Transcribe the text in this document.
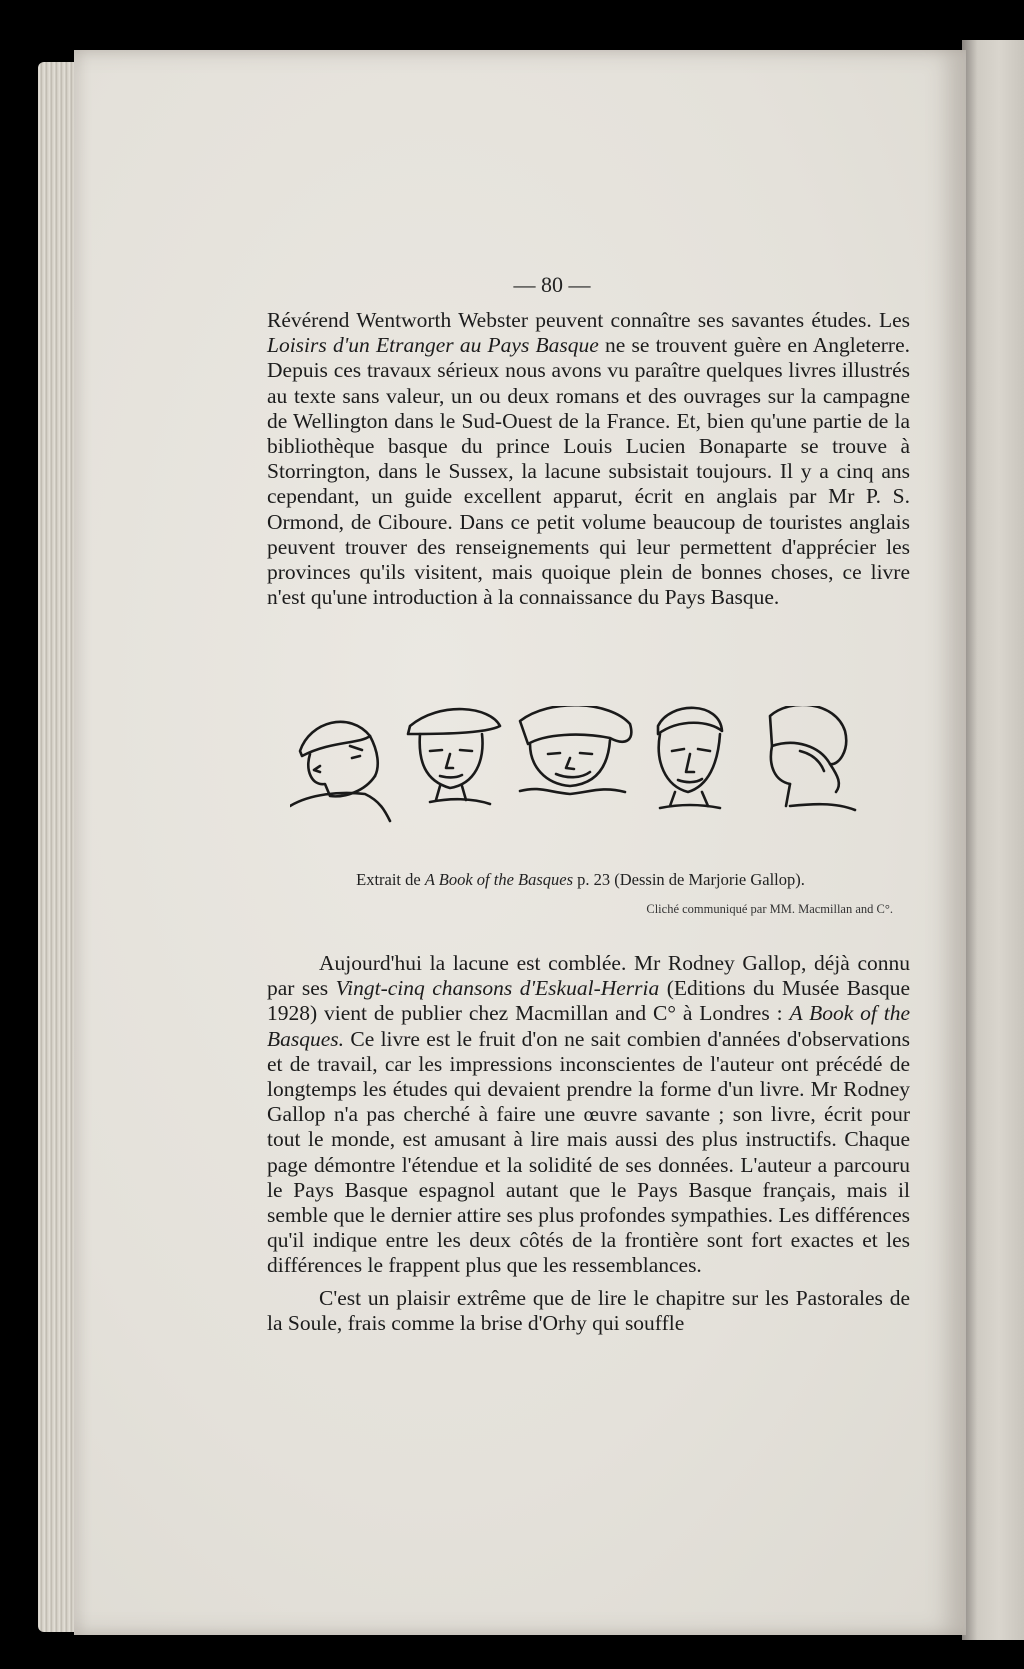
— 80 —

Révérend Wentworth Webster peuvent connaître ses savantes études. Les Loisirs d'un Etranger au Pays Basque ne se trouvent guère en Angleterre. Depuis ces travaux sérieux nous avons vu paraître quelques livres illustrés au texte sans valeur, un ou deux romans et des ouvrages sur la campagne de Wellington dans le Sud-Ouest de la France. Et, bien qu'une partie de la bibliothèque basque du prince Louis Lucien Bonaparte se trouve à Storrington, dans le Sussex, la lacune subsistait toujours. Il y a cinq ans cependant, un guide excellent apparut, écrit en anglais par Mr P. S. Ormond, de Ciboure. Dans ce petit volume beaucoup de touristes anglais peuvent trouver des renseignements qui leur permettent d'apprécier les provinces qu'ils visitent, mais quoique plein de bonnes choses, ce livre n'est qu'une introduction à la connaissance du Pays Basque.

Extrait de A Book of the Basques p. 23 (Dessin de Marjorie Gallop).
Cliché communiqué par MM. Macmillan and C°.

Aujourd'hui la lacune est comblée. Mr Rodney Gallop, déjà connu par ses Vingt-cinq chansons d'Eskual-Herria (Editions du Musée Basque 1928) vient de publier chez Macmillan and C° à Londres : A Book of the Basques. Ce livre est le fruit d'on ne sait combien d'années d'observations et de travail, car les impressions inconscientes de l'auteur ont précédé de longtemps les études qui devaient prendre la forme d'un livre. Mr Rodney Gallop n'a pas cherché à faire une œuvre savante ; son livre, écrit pour tout le monde, est amusant à lire mais aussi des plus instructifs. Chaque page démontre l'étendue et la solidité de ses données. L'auteur a parcouru le Pays Basque espagnol autant que le Pays Basque français, mais il semble que le dernier attire ses plus profondes sympathies. Les différences qu'il indique entre les deux côtés de la frontière sont fort exactes et les différences le frappent plus que les ressemblances.

C'est un plaisir extrême que de lire le chapitre sur les Pastorales de la Soule, frais comme la brise d'Orhy qui souffle
